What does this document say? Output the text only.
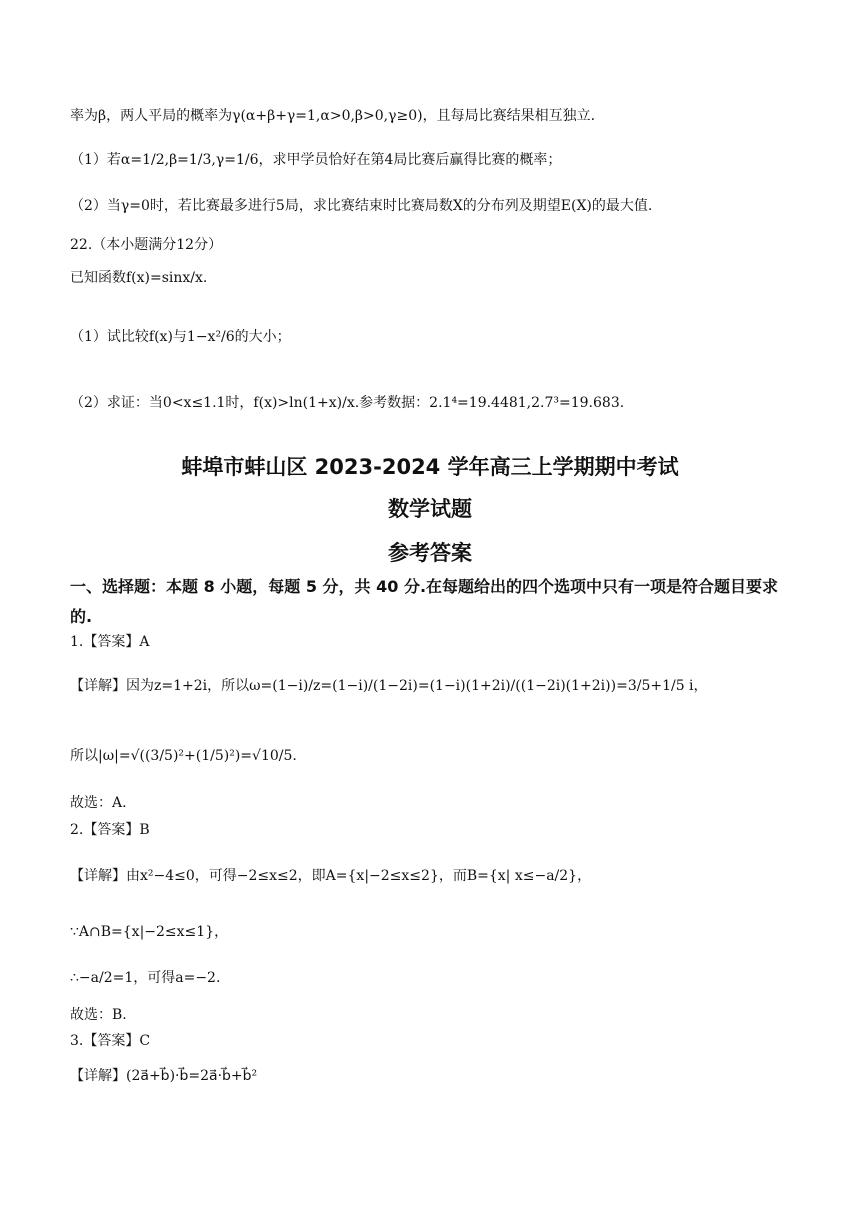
率为β，两人平局的概率为γ(α+β+γ=1,α>0,β>0,γ≥0)，且每局比赛结果相互独立.
（1）若α=1/2,β=1/3,γ=1/6，求甲学员恰好在第4局比赛后赢得比赛的概率；
（2）当γ=0时，若比赛最多进行5局，求比赛结束时比赛局数X的分布列及期望E(X)的最大值.
22.（本小题满分12分）
已知函数f(x)=sinx/x.
（1）试比较f(x)与1−x²/6的大小；
（2）求证：当0<x≤1.1时，f(x)>ln(1+x)/x.参考数据：2.1⁴=19.4481,2.7³=19.683.
蚌埠市蚌山区 2023-2024 学年高三上学期期中考试
数学试题
参考答案
一、选择题：本题 8 小题，每题 5 分，共 40 分.在每题给出的四个选项中只有一项是符合题目要求的.
1.【答案】A
【详解】因为z=1+2i，所以ω=(1−i)/z=(1−i)/(1−2i)=(1−i)(1+2i)/((1−2i)(1+2i))=3/5+1/5 i，
所以|ω|=√((3/5)²+(1/5)²)=√10/5.
故选：A.
2.【答案】B
【详解】由x²−4≤0，可得−2≤x≤2，即A={x|−2≤x≤2}，而B={x| x≤−a/2}，
∵A∩B={x|−2≤x≤1}，
∴−a/2=1，可得a=−2.
故选：B.
3.【答案】C
【详解】(2a⃗+b⃗)·b⃗=2a⃗·b⃗+b⃗²
